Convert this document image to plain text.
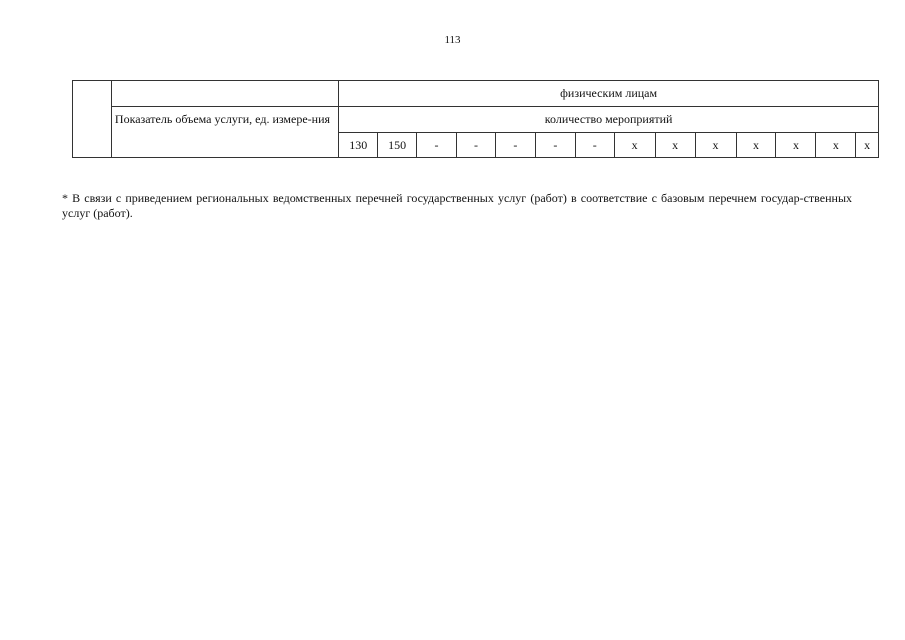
113
		физическим лицам													
	Показатель объема услуги, ед. измере-ния	количество мероприятий													
		130	150	-	-	-	-	-	х	х	х	х	х	х	х
* В связи с приведением региональных ведомственных перечней государственных услуг (работ) в соответствие с базовым перечнем государ-ственных услуг (работ).
